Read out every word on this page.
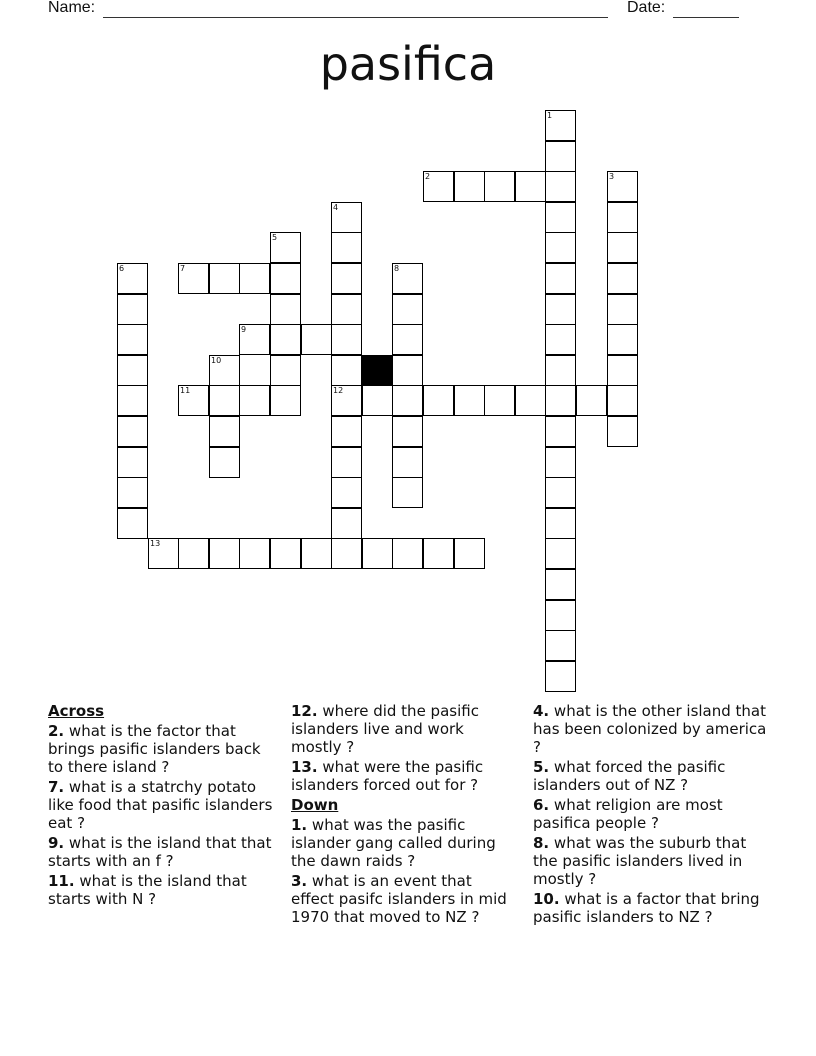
Name:	Date:
pasifica
1
2	3
4
12
5
6	7	8
9
10
11
13
Across
2. what is the factor that brings pasific islanders back to there island ?
7. what is a statrchy potato like food that pasific islanders eat ?
9. what is the island that that starts with an f ?
11. what is the island that starts with N ?
12. where did the pasific islanders live and work mostly ?
13. what were the pasific islanders forced out for ?
Down
1. what was the pasific islander gang called during the dawn raids ?
3. what is an event that effect pasifc islanders in mid 1970 that moved to NZ ?
4. what is the other island that has been colonized by america ?
5. what forced the pasific islanders out of NZ ?
6. what religion are most pasifica people ?
8. what was the suburb that the pasific islanders lived in mostly ?
10. what is a factor that bring pasific islanders to NZ ?
